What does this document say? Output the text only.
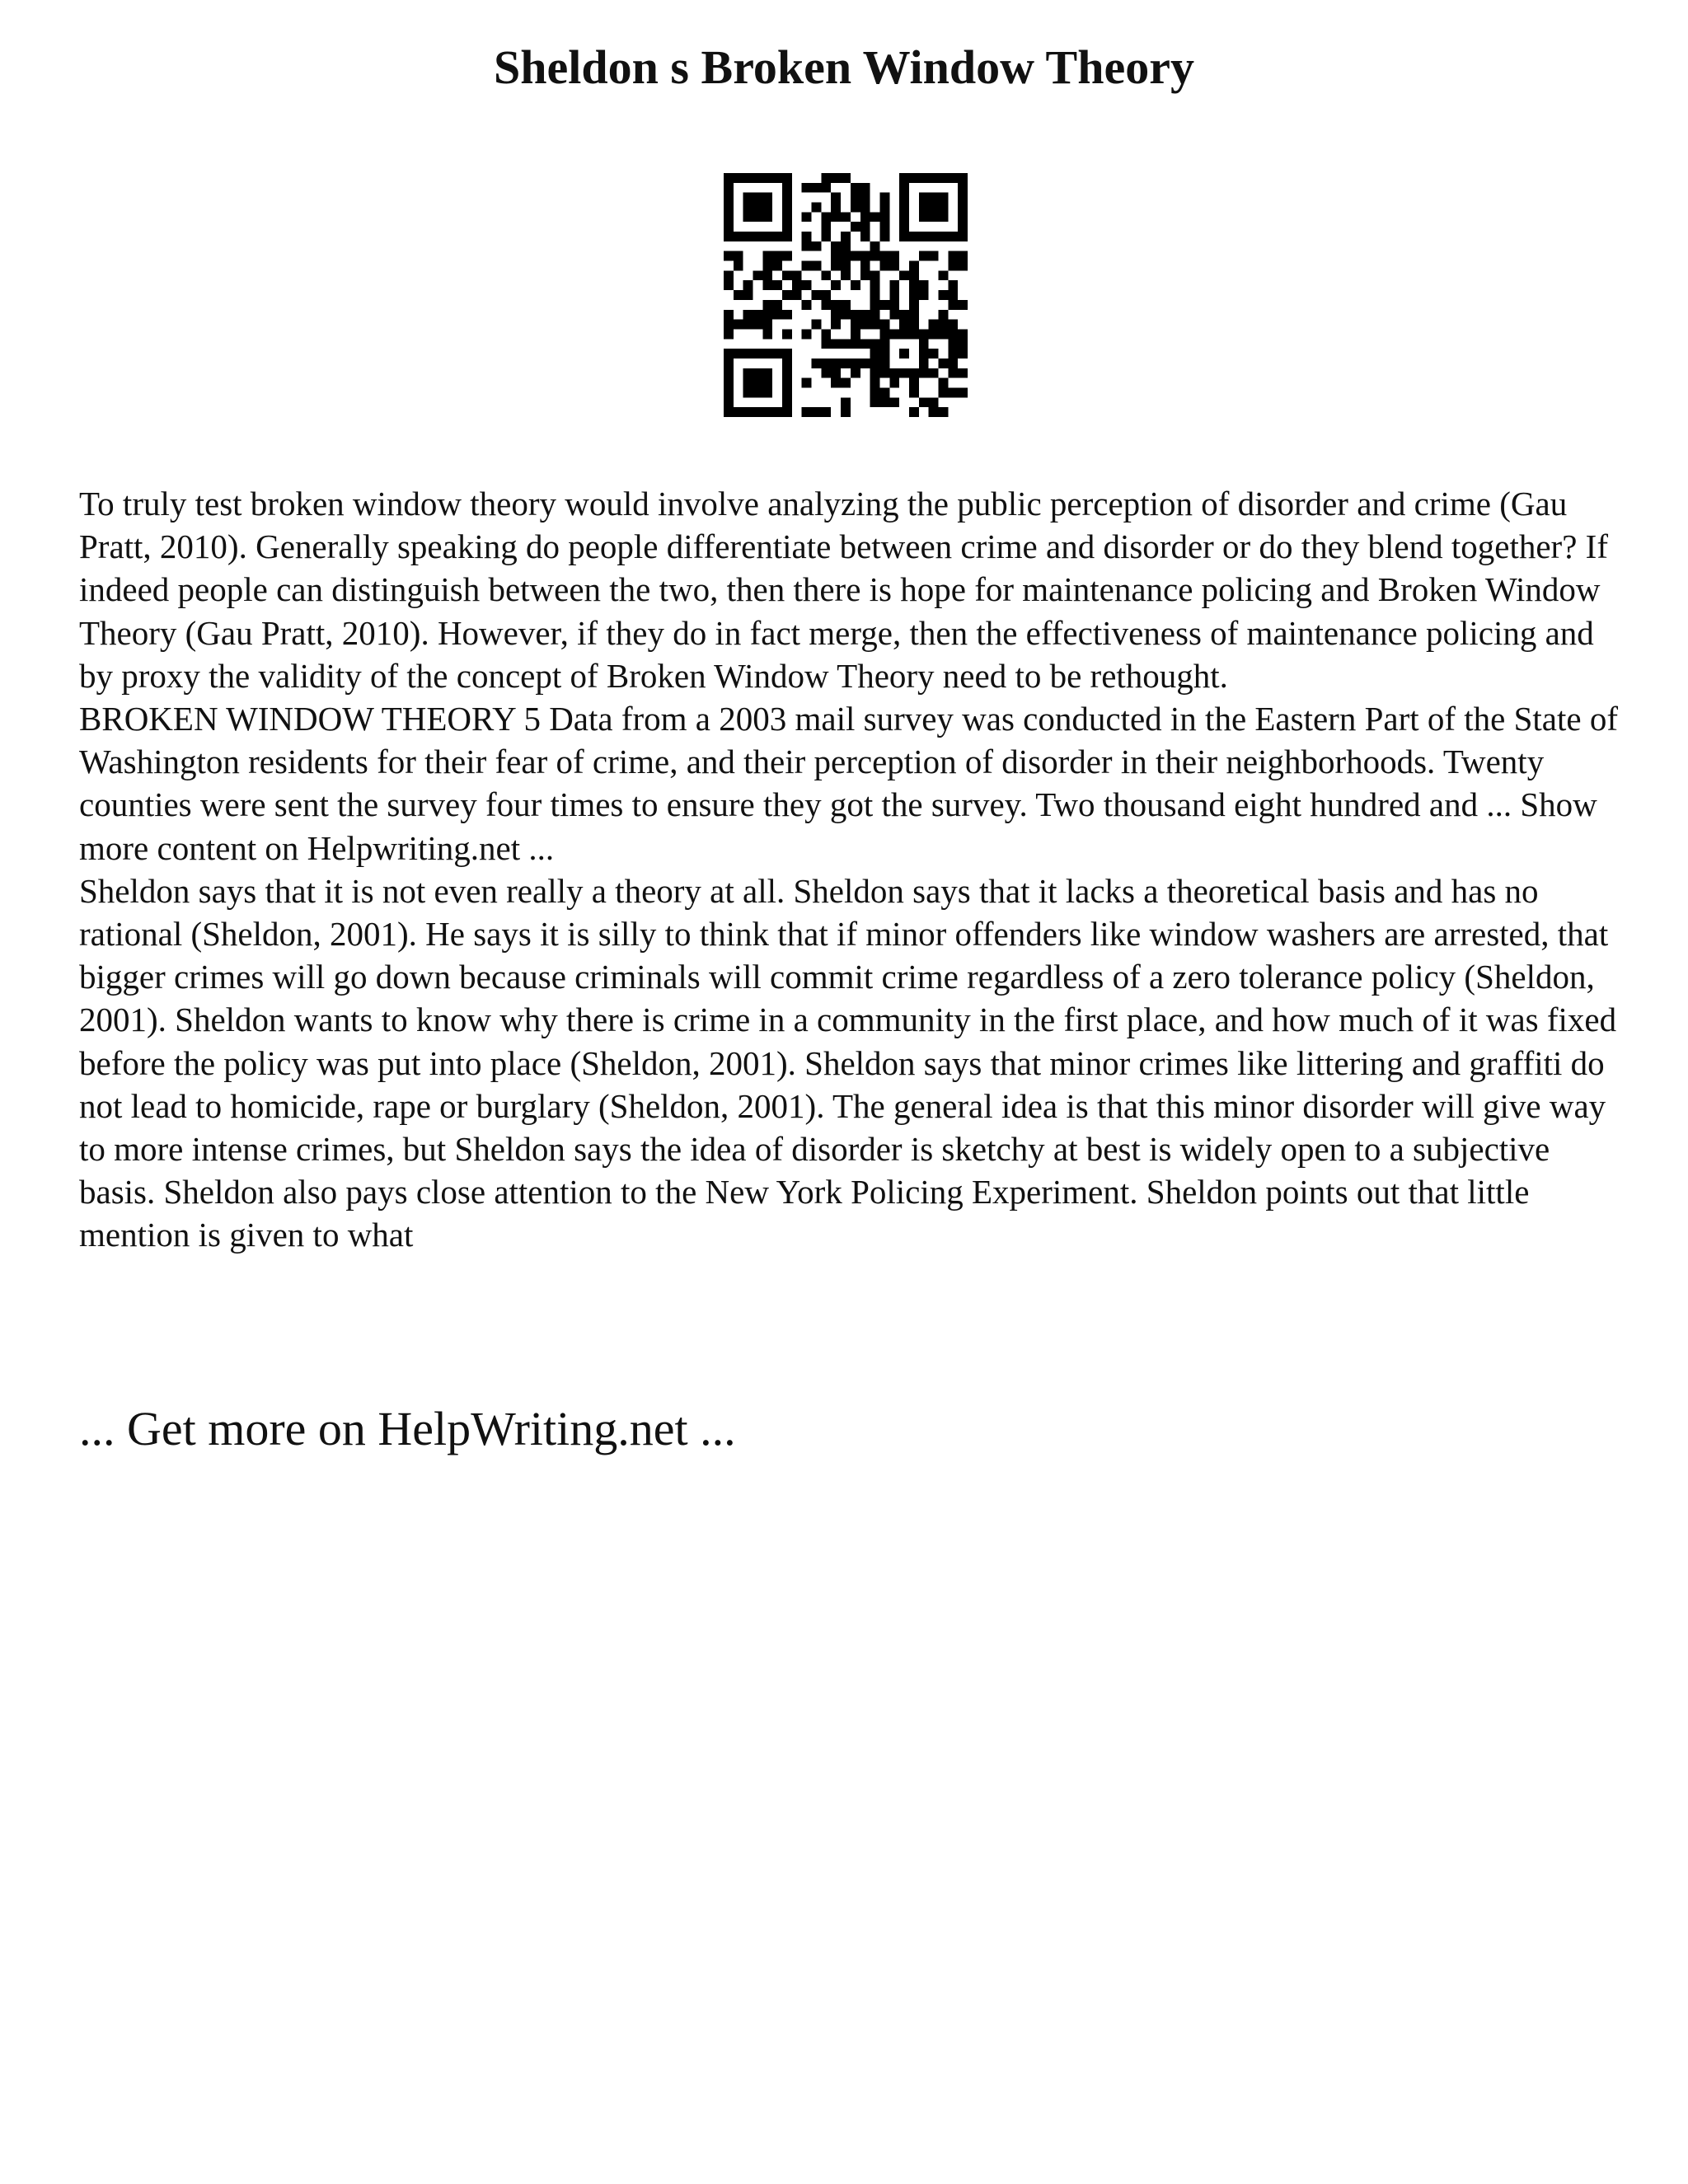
Sheldon s Broken Window Theory

To truly test broken window theory would involve analyzing the public perception of disorder and crime (Gau Pratt, 2010). Generally speaking do people differentiate between crime and disorder or do they blend together? If indeed people can distinguish between the two, then there is hope for maintenance policing and Broken Window Theory (Gau Pratt, 2010). However, if they do in fact merge, then the effectiveness of maintenance policing and by proxy the validity of the concept of Broken Window Theory need to be rethought.

BROKEN WINDOW THEORY 5 Data from a 2003 mail survey was conducted in the Eastern Part of the State of Washington residents for their fear of crime, and their perception of disorder in their neighborhoods. Twenty counties were sent the survey four times to ensure they got the survey. Two thousand eight hundred and ... Show more content on Helpwriting.net ...

Sheldon says that it is not even really a theory at all. Sheldon says that it lacks a theoretical basis and has no rational (Sheldon, 2001). He says it is silly to think that if minor offenders like window washers are arrested, that bigger crimes will go down because criminals will commit crime regardless of a zero tolerance policy (Sheldon, 2001). Sheldon wants to know why there is crime in a community in the first place, and how much of it was fixed before the policy was put into place (Sheldon, 2001). Sheldon says that minor crimes like littering and graffiti do not lead to homicide, rape or burglary (Sheldon, 2001). The general idea is that this minor disorder will give way to more intense crimes, but Sheldon says the idea of disorder is sketchy at best is widely open to a subjective basis. Sheldon also pays close attention to the New York Policing Experiment. Sheldon points out that little mention is given to what

... Get more on HelpWriting.net ...
